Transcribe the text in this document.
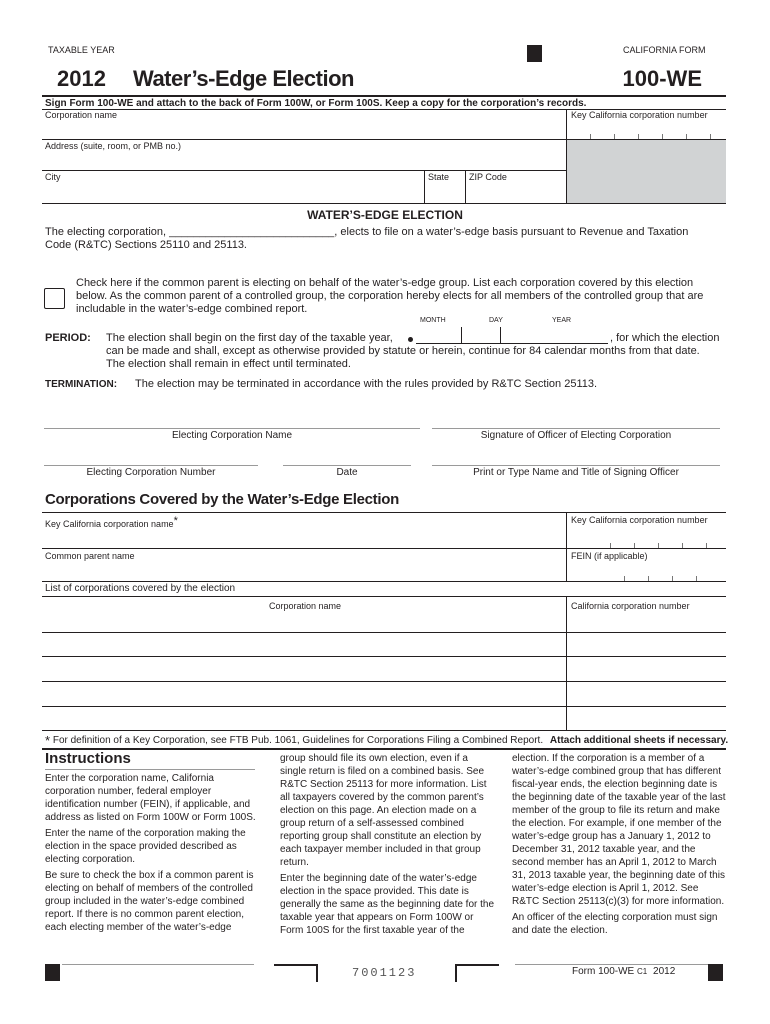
TAXABLE YEAR	CALIFORNIA FORM
2012 Water’s-Edge Election	100-WE
Sign Form 100-WE and attach to the back of Form 100W, or Form 100S. Keep a copy for the corporation’s records.
Corporation name	Key California corporation number
Address (suite, room, or PMB no.)
City	State ZIP Code
WATER’S-EDGE ELECTION
The electing corporation, ___________________________, elects to file on a water’s-edge basis pursuant to Revenue and Taxation
Code (R&TC) Sections 25110 and 25113.
Check here if the common parent is electing on behalf of the water’s-edge group. List each corporation covered by this election
below. As the common parent of a controlled group, the corporation hereby elects for all members of the controlled group that are
includable in the water’s-edge combined report.
MONTH	DAY	YEAR
PERIOD: The election shall begin on the first day of the taxable year,	, for which the election
can be made and shall, except as otherwise provided by statute or herein, continue for 84 calendar months from that date.
The election shall remain in effect until terminated.
TERMINATION: The election may be terminated in accordance with the rules provided by R&TC Section 25113.
Electing Corporation Name	Signature of Officer of Electing Corporation
Electing Corporation Number	Date	Print or Type Name and Title of Signing Officer
Corporations Covered by the Water’s-Edge Election
Key California corporation name*	Key California corporation number
Common parent name	FEIN (if applicable)
List of corporations covered by the election
Corporation name	California corporation number
* For definition of a Key Corporation, see FTB Pub. 1061, Guidelines for Corporations Filing a Combined Report. Attach additional sheets if necessary.
Instructions

Enter the corporation name, California corporation number, federal employer identification number (FEIN), if applicable, and address as listed on Form 100W or Form 100S.

Enter the name of the corporation making the election in the space provided described as electing corporation.

Be sure to check the box if a common parent is electing on behalf of members of the controlled group included in the water’s-edge combined report. If there is no common parent election, each electing member of the water’s-edge

group should file its own election, even if a single return is filed on a combined basis. See R&TC Section 25113 for more information. List all taxpayers covered by the common parent’s election on this page. An election made on a group return of a self-assessed combined reporting group shall constitute an election by each taxpayer member included in that group return.

Enter the beginning date of the water’s-edge election in the space provided. This date is generally the same as the beginning date for the taxable year that appears on Form 100W or Form 100S for the first taxable year of the

election. If the corporation is a member of a water’s-edge combined group that has different fiscal-year ends, the election beginning date is the beginning date of the taxable year of the last member of the group to file its return and make the election. For example, if one member of the water’s-edge group has a January 1, 2012 to December 31, 2012 taxable year, and the second member has an April 1, 2012 to March 31, 2013 taxable year, the beginning date of this water’s-edge election is April 1, 2012. See R&TC Section 25113(c)(3) for more information.

An officer of the electing corporation must sign and date the election.

7001123	Form 100-WE C1 2012
